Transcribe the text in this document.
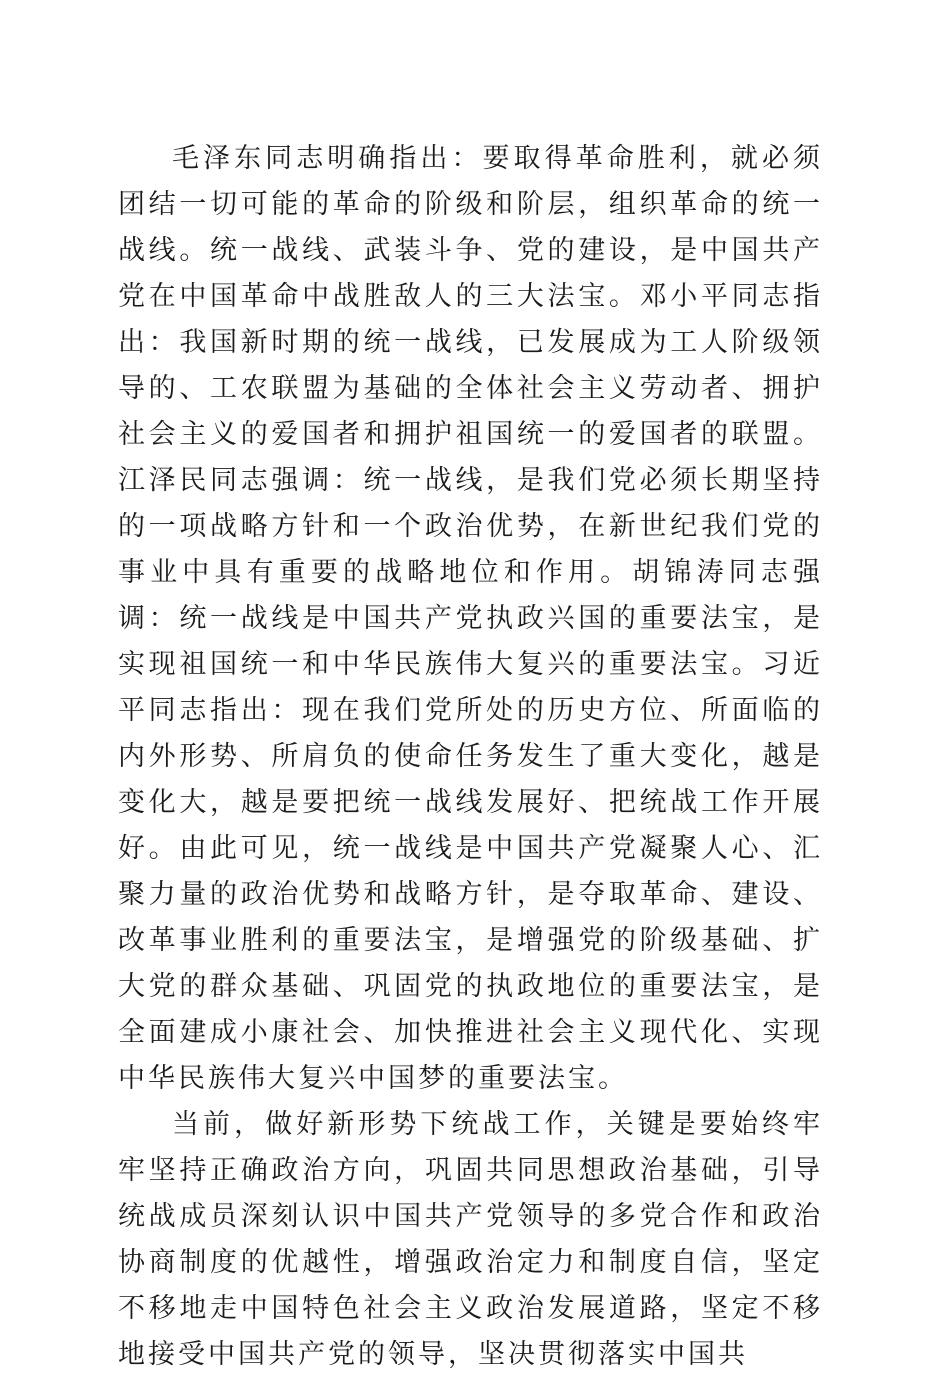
毛泽东同志明确指出：要取得革命胜利，就必须团结一切可能的革命的阶级和阶层，组织革命的统一战线。统一战线、武装斗争、党的建设，是中国共产党在中国革命中战胜敌人的三大法宝。邓小平同志指出：我国新时期的统一战线，已发展成为工人阶级领导的、工农联盟为基础的全体社会主义劳动者、拥护社会主义的爱国者和拥护祖国统一的爱国者的联盟。江泽民同志强调：统一战线，是我们党必须长期坚持的一项战略方针和一个政治优势，在新世纪我们党的事业中具有重要的战略地位和作用。胡锦涛同志强调：统一战线是中国共产党执政兴国的重要法宝，是实现祖国统一和中华民族伟大复兴的重要法宝。习近平同志指出：现在我们党所处的历史方位、所面临的内外形势、所肩负的使命任务发生了重大变化，越是变化大，越是要把统一战线发展好、把统战工作开展好。由此可见，统一战线是中国共产党凝聚人心、汇聚力量的政治优势和战略方针，是夺取革命、建设、改革事业胜利的重要法宝，是增强党的阶级基础、扩大党的群众基础、巩固党的执政地位的重要法宝，是全面建成小康社会、加快推进社会主义现代化、实现中华民族伟大复兴中国梦的重要法宝。

当前，做好新形势下统战工作，关键是要始终牢牢坚持正确政治方向，巩固共同思想政治基础，引导统战成员深刻认识中国共产党领导的多党合作和政治协商制度的优越性，增强政治定力和制度自信，坚定不移地走中国特色社会主义政治发展道路，坚定不移地接受中国共产党的领导，坚决贯彻落实中国共
